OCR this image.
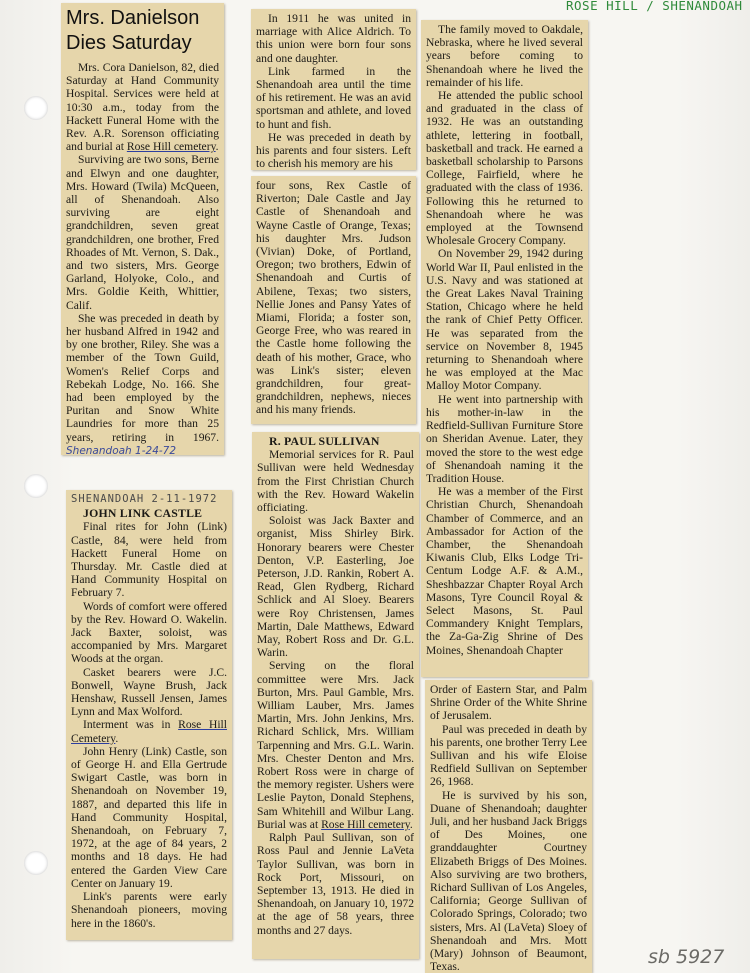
ROSE HILL / SHENANDOAH
sb 5927
Mrs. Danielson
Dies Saturday

Mrs. Cora Danielson, 82, died Saturday at Hand Community Hospital. Services were held at 10:30 a.m., today from the Hackett Funeral Home with the Rev. A.R. Sorenson officiating and burial at Rose Hill cemetery.

Surviving are two sons, Berne and Elwyn and one daughter, Mrs. Howard (Twila) McQueen, all of Shenandoah. Also surviving are eight grandchildren, seven great grandchildren, one brother, Fred Rhoades of Mt. Vernon, S. Dak., and two sisters, Mrs. George Garland, Holyoke, Colo., and Mrs. Goldie Keith, Whittier, Calif.

She was preceded in death by her husband Alfred in 1942 and by one brother, Riley. She was a member of the Town Guild, Women's Relief Corps and Rebekah Lodge, No. 166. She had been employed by the Puritan and Snow White Laundries for more than 25 years, retiring in 1967. Shenandoah 1-24-72

In 1911 he was united in marriage with Alice Aldrich. To this union were born four sons and one daughter.

Link farmed in the Shenandoah area until the time of his retirement. He was an avid sportsman and athlete, and loved to hunt and fish.

He was preceded in death by his parents and four sisters. Left to cherish his memory are his

four sons, Rex Castle of Riverton; Dale Castle and Jay Castle of Shenandoah and Wayne Castle of Orange, Texas; his daughter Mrs. Judson (Vivian) Doke, of Portland, Oregon; two brothers, Edwin of Shenandoah and Curtis of Abilene, Texas; two sisters, Nellie Jones and Pansy Yates of Miami, Florida; a foster son, George Free, who was reared in the Castle home following the death of his mother, Grace, who was Link's sister; eleven grandchildren, four great-grandchildren, nephews, nieces and his many friends.

SHENANDOAH 2-11-1972

JOHN LINK CASTLE

Final rites for John (Link) Castle, 84, were held from Hackett Funeral Home on Thursday. Mr. Castle died at Hand Community Hospital on February 7.

Words of comfort were offered by the Rev. Howard O. Wakelin. Jack Baxter, soloist, was accompanied by Mrs. Margaret Woods at the organ.

Casket bearers were J.C. Bonwell, Wayne Brush, Jack Henshaw, Russell Jensen, James Lynn and Max Wolford.

Interment was in Rose Hill Cemetery.

John Henry (Link) Castle, son of George H. and Ella Gertrude Swigart Castle, was born in Shenandoah on November 19, 1887, and departed this life in Hand Community Hospital, Shenandoah, on February 7, 1972, at the age of 84 years, 2 months and 18 days. He had entered the Garden View Care Center on January 19.

Link's parents were early Shenandoah pioneers, moving here in the 1860's.

R. PAUL SULLIVAN

Memorial services for R. Paul Sullivan were held Wednesday from the First Christian Church with the Rev. Howard Wakelin officiating.

Soloist was Jack Baxter and organist, Miss Shirley Birk. Honorary bearers were Chester Denton, V.P. Easterling, Joe Peterson, J.D. Rankin, Robert A. Read, Glen Rydberg, Richard Schlick and Al Sloey. Bearers were Roy Christensen, James Martin, Dale Matthews, Edward May, Robert Ross and Dr. G.L. Warin.

Serving on the floral committee were Mrs. Jack Burton, Mrs. Paul Gamble, Mrs. William Lauber, Mrs. James Martin, Mrs. John Jenkins, Mrs. Richard Schlick, Mrs. William Tarpenning and Mrs. G.L. Warin. Mrs. Chester Denton and Mrs. Robert Ross were in charge of the memory register. Ushers were Leslie Payton, Donald Stephens, Sam Whitehill and Wilbur Lang. Burial was at Rose Hill cemetery.

Ralph Paul Sullivan, son of Ross Paul and Jennie LaVeta Taylor Sullivan, was born in Rock Port, Missouri, on September 13, 1913. He died in Shenandoah, on January 10, 1972 at the age of 58 years, three months and 27 days.

The family moved to Oakdale, Nebraska, where he lived several years before coming to Shenandoah where he lived the remainder of his life.

He attended the public school and graduated in the class of 1932. He was an outstanding athlete, lettering in football, basketball and track. He earned a basketball scholarship to Parsons College, Fairfield, where he graduated with the class of 1936. Following this he returned to Shenandoah where he was employed at the Townsend Wholesale Grocery Company.

On November 29, 1942 during World War II, Paul enlisted in the U.S. Navy and was stationed at the Great Lakes Naval Training Station, Chicago where he held the rank of Chief Petty Officer. He was separated from the service on November 8, 1945 returning to Shenandoah where he was employed at the Mac Malloy Motor Company.

He went into partnership with his mother-in-law in the Redfield-Sullivan Furniture Store on Sheridan Avenue. Later, they moved the store to the west edge of Shenandoah naming it the Tradition House.

He was a member of the First Christian Church, Shenandoah Chamber of Commerce, and an Ambassador for Action of the Chamber, the Shenandoah Kiwanis Club, Elks Lodge Tri-Centum Lodge A.F. & A.M., Sheshbazzar Chapter Royal Arch Masons, Tyre Council Royal & Select Masons, St. Paul Commandery Knight Templars, the Za-Ga-Zig Shrine of Des Moines, Shenandoah Chapter

Order of Eastern Star, and Palm Shrine Order of the White Shrine of Jerusalem.

Paul was preceded in death by his parents, one brother Terry Lee Sullivan and his wife Eloise Redfield Sullivan on September 26, 1968.

He is survived by his son, Duane of Shenandoah; daughter Juli, and her husband Jack Briggs of Des Moines, one granddaughter Courtney Elizabeth Briggs of Des Moines. Also surviving are two brothers, Richard Sullivan of Los Angeles, California; George Sullivan of Colorado Springs, Colorado; two sisters, Mrs. Al (LaVeta) Sloey of Shenandoah and Mrs. Mott (Mary) Johnson of Beaumont, Texas.
